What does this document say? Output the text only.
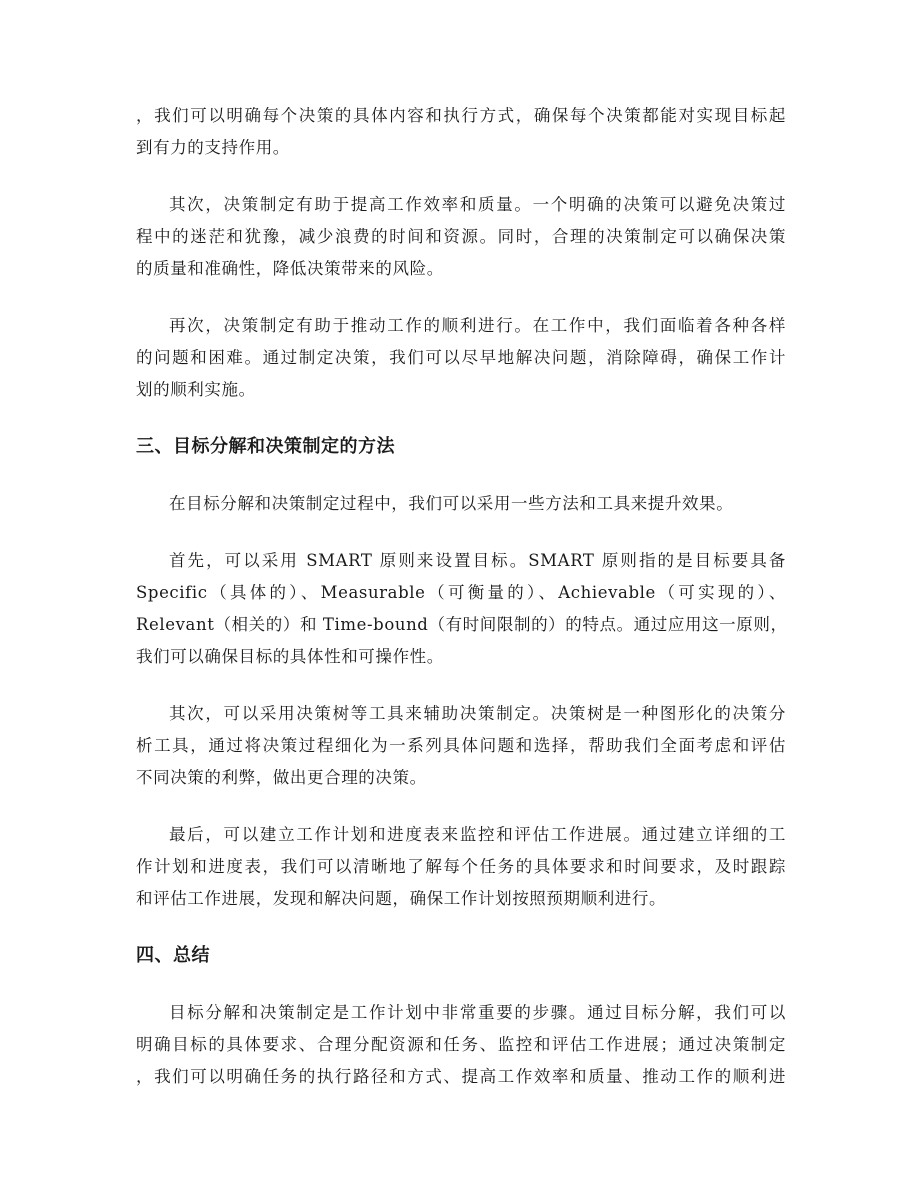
，我们可以明确每个决策的具体内容和执行方式，确保每个决策都能对实现目标起
到有力的支持作用。
其次，决策制定有助于提高工作效率和质量。一个明确的决策可以避免决策过
程中的迷茫和犹豫，减少浪费的时间和资源。同时，合理的决策制定可以确保决策
的质量和准确性，降低决策带来的风险。
再次，决策制定有助于推动工作的顺利进行。在工作中，我们面临着各种各样
的问题和困难。通过制定决策，我们可以尽早地解决问题，消除障碍，确保工作计
划的顺利实施。
三、目标分解和决策制定的方法
在目标分解和决策制定过程中，我们可以采用一些方法和工具来提升效果。
首先，可以采用 SMART 原则来设置目标。SMART 原则指的是目标要具备
Specific（具体的）、Measurable（可衡量的）、Achievable（可实现的）、
Relevant（相关的）和 Time-bound（有时间限制的）的特点。通过应用这一原则，
我们可以确保目标的具体性和可操作性。
其次，可以采用决策树等工具来辅助决策制定。决策树是一种图形化的决策分
析工具，通过将决策过程细化为一系列具体问题和选择，帮助我们全面考虑和评估
不同决策的利弊，做出更合理的决策。
最后，可以建立工作计划和进度表来监控和评估工作进展。通过建立详细的工
作计划和进度表，我们可以清晰地了解每个任务的具体要求和时间要求，及时跟踪
和评估工作进展，发现和解决问题，确保工作计划按照预期顺利进行。
四、总结
目标分解和决策制定是工作计划中非常重要的步骤。通过目标分解，我们可以
明确目标的具体要求、合理分配资源和任务、监控和评估工作进展；通过决策制定
，我们可以明确任务的执行路径和方式、提高工作效率和质量、推动工作的顺利进
